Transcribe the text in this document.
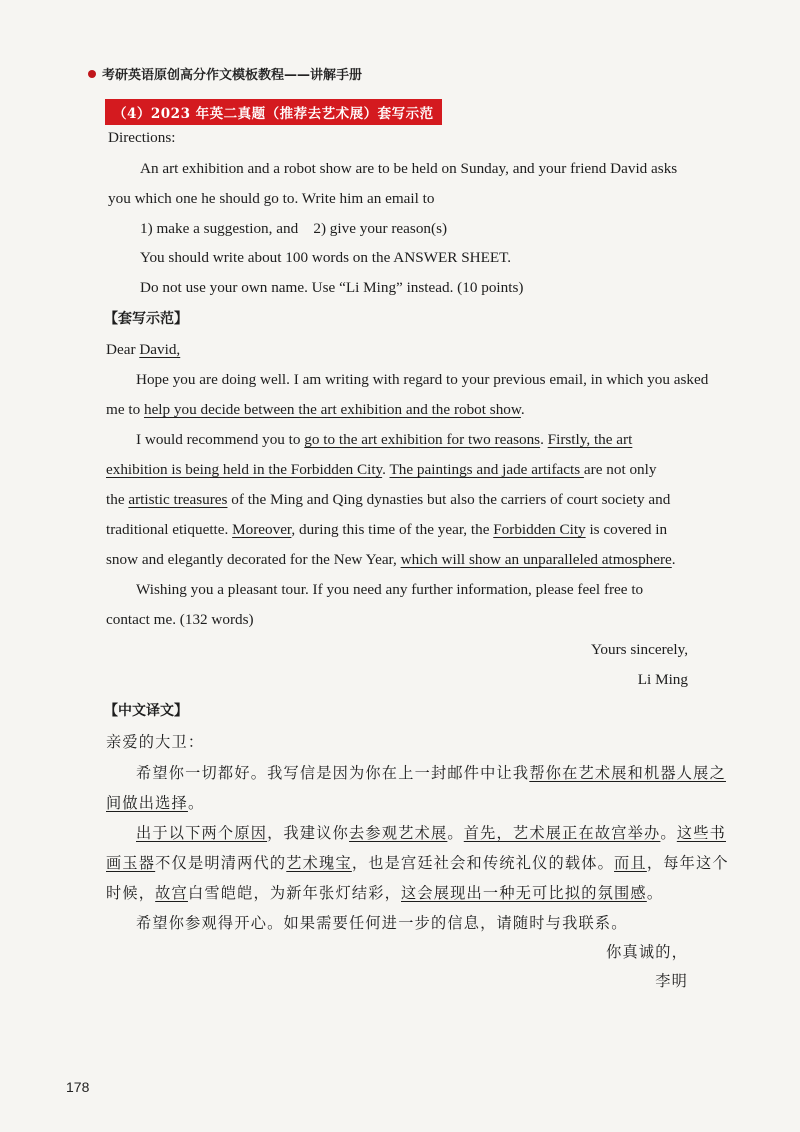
考研英语原创高分作文模板教程——讲解手册
（4）2023 年英二真题（推荐去艺术展）套写示范
Directions:
An art exhibition and a robot show are to be held on Sunday, and your friend David asks
you which one he should go to. Write him an email to
1) make a suggestion, and    2) give your reason(s)
You should write about 100 words on the ANSWER SHEET.
Do not use your own name. Use “Li Ming” instead. (10 points)
【套写示范】
Dear David,
Hope you are doing well. I am writing with regard to your previous email, in which you asked
me to help you decide between the art exhibition and the robot show.
I would recommend you to go to the art exhibition for two reasons. Firstly, the art
exhibition is being held in the Forbidden City. The paintings and jade artifacts are not only
the artistic treasures of the Ming and Qing dynasties but also the carriers of court society and
traditional etiquette. Moreover, during this time of the year, the Forbidden City is covered in
snow and elegantly decorated for the New Year, which will show an unparalleled atmosphere.
Wishing you a pleasant tour. If you need any further information, please feel free to
contact me. (132 words)
Yours sincerely,
Li Ming
【中文译文】
亲爱的大卫：
希望你一切都好。我写信是因为你在上一封邮件中让我帮你在艺术展和机器人展之
间做出选择。
出于以下两个原因，我建议你去参观艺术展。首先，艺术展正在故宫举办。这些书
画玉器不仅是明清两代的艺术瑰宝，也是宫廷社会和传统礼仪的载体。而且，每年这个
时候，故宫白雪皑皑，为新年张灯结彩，这会展现出一种无可比拟的氛围感。
希望你参观得开心。如果需要任何进一步的信息，请随时与我联系。
你真诚的，
李明
178
